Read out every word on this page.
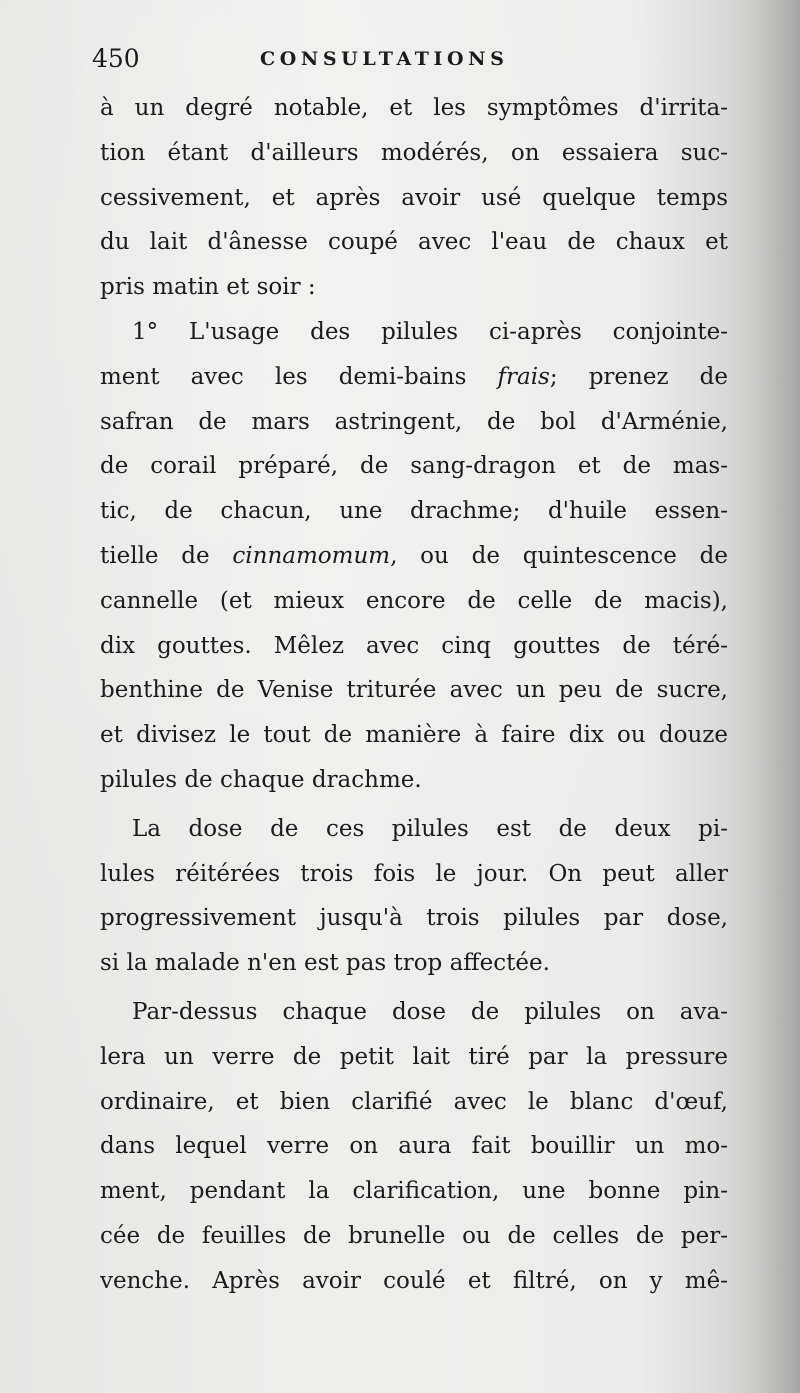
450	CONSULTATIONS
à un degré notable, et les symptômes d'irrita-
tion étant d'ailleurs modérés, on essaiera suc-
cessivement, et après avoir usé quelque temps
du lait d'ânesse coupé avec l'eau de chaux et
pris matin et soir :
1° L'usage des pilules ci-après conjointe-
ment avec les demi-bains frais; prenez de
safran de mars astringent, de bol d'Arménie,
de corail préparé, de sang-dragon et de mas-
tic, de chacun, une drachme; d'huile essen-
tielle de cinnamomum, ou de quintescence de
cannelle (et mieux encore de celle de macis),
dix gouttes. Mêlez avec cinq gouttes de téré-
benthine de Venise triturée avec un peu de sucre,
et divisez le tout de manière à faire dix ou douze
pilules de chaque drachme.
La dose de ces pilules est de deux pi-
lules réitérées trois fois le jour. On peut aller
progressivement jusqu'à trois pilules par dose,
si la malade n'en est pas trop affectée.
Par-dessus chaque dose de pilules on ava-
lera un verre de petit lait tiré par la pressure
ordinaire, et bien clarifié avec le blanc d'œuf,
dans lequel verre on aura fait bouillir un mo-
ment, pendant la clarification, une bonne pin-
cée de feuilles de brunelle ou de celles de per-
venche. Après avoir coulé et filtré, on y mê-
